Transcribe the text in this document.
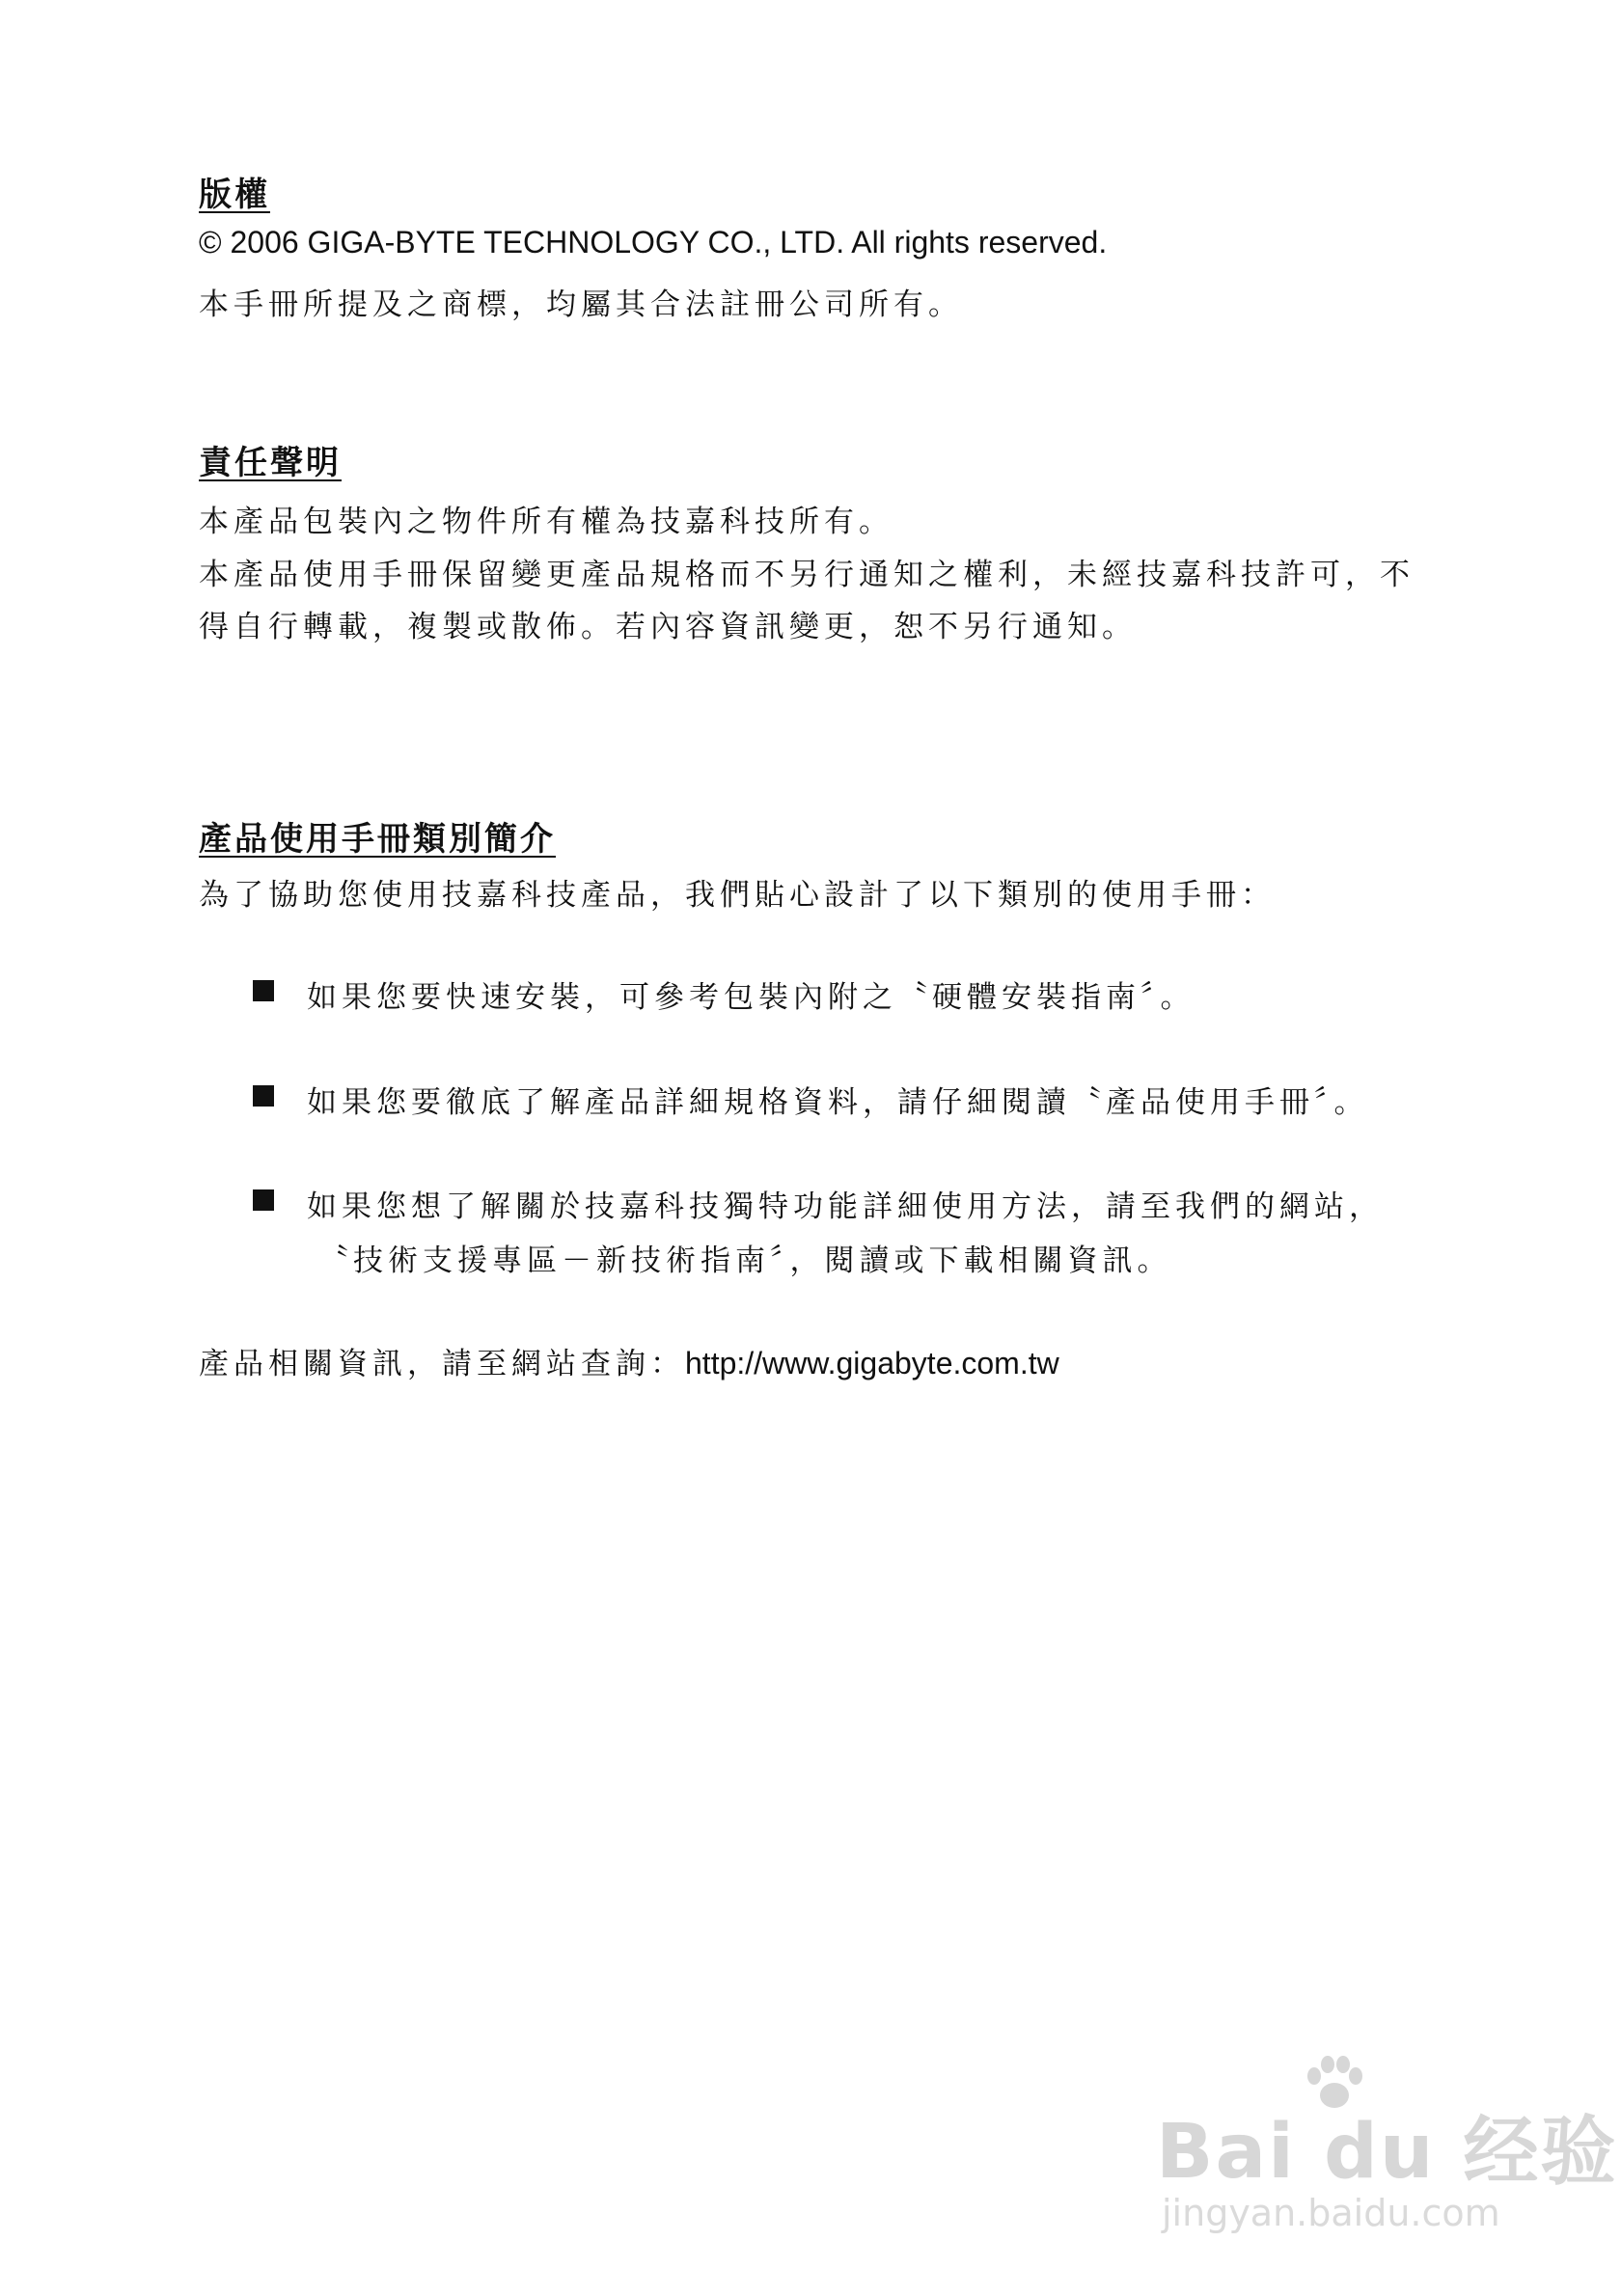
版權
© 2006 GIGA-BYTE TECHNOLOGY CO., LTD. All rights reserved.
本手冊所提及之商標，均屬其合法註冊公司所有。
責任聲明
本產品包裝內之物件所有權為技嘉科技所有。
本產品使用手冊保留變更產品規格而不另行通知之權利，未經技嘉科技許可，不
得自行轉載，複製或散佈。若內容資訊變更，恕不另行通知。
產品使用手冊類別簡介
為了協助您使用技嘉科技產品，我們貼心設計了以下類別的使用手冊：
如果您要快速安裝，可參考包裝內附之〝硬體安裝指南〞。
如果您要徹底了解產品詳細規格資料，請仔細閱讀〝產品使用手冊〞。
如果您想了解關於技嘉科技獨特功能詳細使用方法，請至我們的網站，
〝技術支援專區－新技術指南〞，閱讀或下載相關資訊。
產品相關資訊，請至網站查詢：http://www.gigabyte.com.tw
Bai du 经验
jingyan.baidu.com
